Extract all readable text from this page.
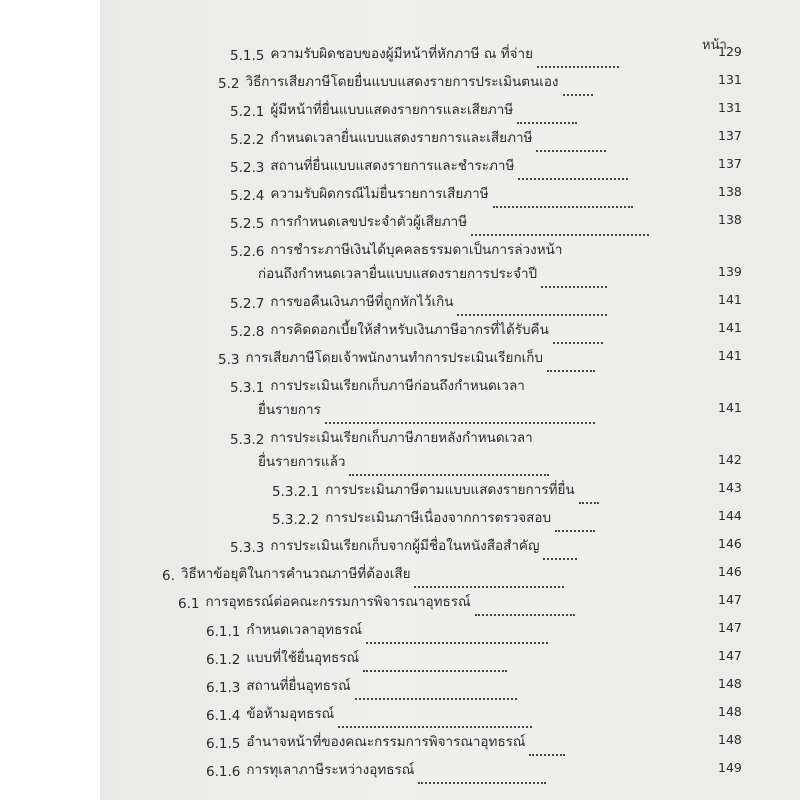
หน้า
5.1.5 ความรับผิดชอบของผู้มีหน้าที่หักภาษี ณ ที่จ่าย	129
5.2 วิธีการเสียภาษีโดยยื่นแบบแสดงรายการประเมินตนเอง	131
5.2.1 ผู้มีหน้าที่ยื่นแบบแสดงรายการและเสียภาษี	131
5.2.2 กำหนดเวลายื่นแบบแสดงรายการและเสียภาษี	137
5.2.3 สถานที่ยื่นแบบแสดงรายการและชำระภาษี	137
5.2.4 ความรับผิดกรณีไม่ยื่นรายการเสียภาษี	138
5.2.5 การกำหนดเลขประจำตัวผู้เสียภาษี	138
5.2.6 การชำระภาษีเงินได้บุคคลธรรมดาเป็นการล่วงหน้า
ก่อนถึงกำหนดเวลายื่นแบบแสดงรายการประจำปี	139
5.2.7 การขอคืนเงินภาษีที่ถูกหักไว้เกิน	141
5.2.8 การคิดดอกเบี้ยให้สำหรับเงินภาษีอากรที่ได้รับคืน	141
5.3 การเสียภาษีโดยเจ้าพนักงานทำการประเมินเรียกเก็บ	141
5.3.1 การประเมินเรียกเก็บภาษีก่อนถึงกำหนดเวลา
ยื่นรายการ	141
5.3.2 การประเมินเรียกเก็บภาษีภายหลังกำหนดเวลา
ยื่นรายการแล้ว	142
5.3.2.1 การประเมินภาษีตามแบบแสดงรายการที่ยื่น	143
5.3.2.2 การประเมินภาษีเนื่องจากการตรวจสอบ	144
5.3.3 การประเมินเรียกเก็บจากผู้มีชื่อในหนังสือสำคัญ	146
6. วิธีหาข้อยุติในการคำนวณภาษีที่ต้องเสีย	146
6.1 การอุทธรณ์ต่อคณะกรรมการพิจารณาอุทธรณ์	147
6.1.1 กำหนดเวลาอุทธรณ์	147
6.1.2 แบบที่ใช้ยื่นอุทธรณ์	147
6.1.3 สถานที่ยื่นอุทธรณ์	148
6.1.4 ข้อห้ามอุทธรณ์	148
6.1.5 อำนาจหน้าที่ของคณะกรรมการพิจารณาอุทธรณ์	148
6.1.6 การทุเลาภาษีระหว่างอุทธรณ์	149
